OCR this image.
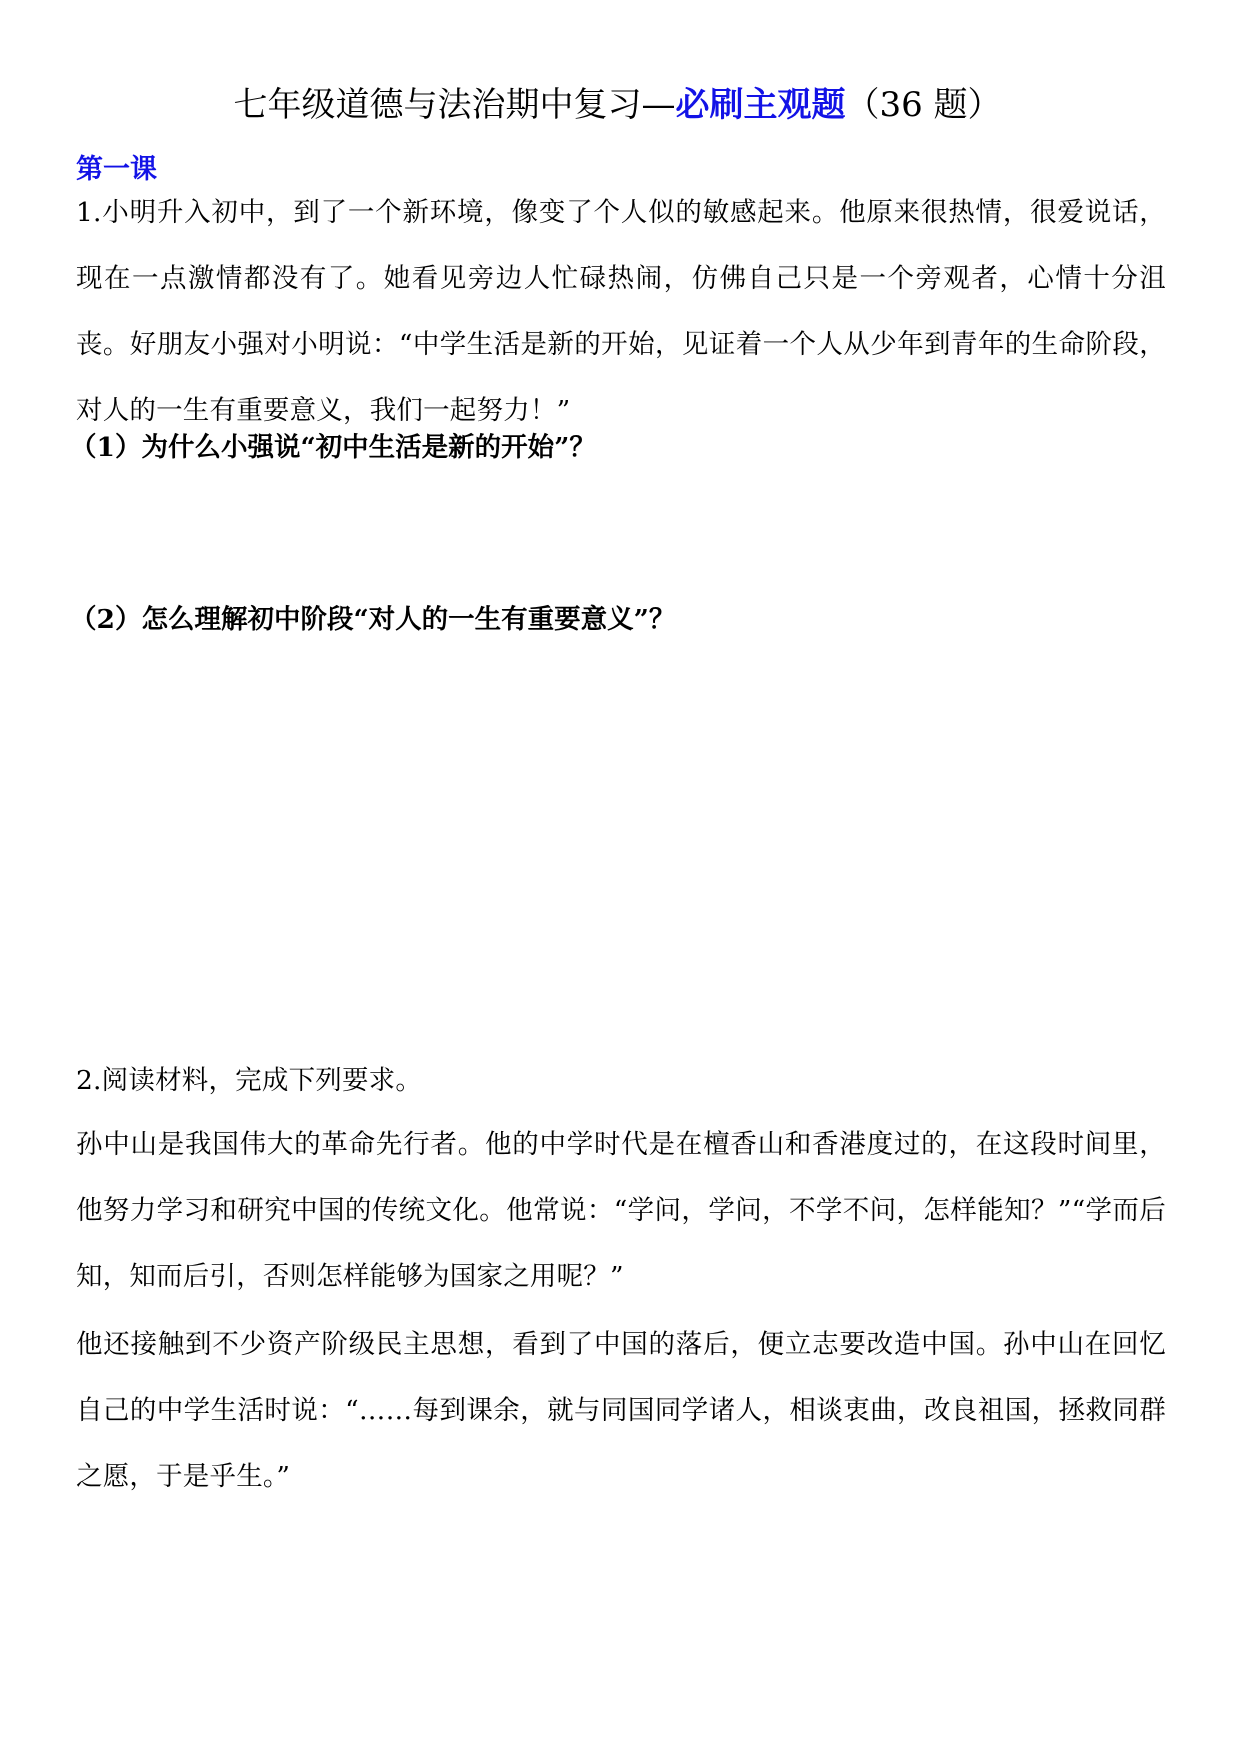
七年级道德与法治期中复习—必刷主观题（36 题）
第一课
1.小明升入初中，到了一个新环境，像变了个人似的敏感起来。他原来很热情，很爱说话，现在一点激情都没有了。她看见旁边人忙碌热闹，仿佛自己只是一个旁观者，心情十分沮丧。好朋友小强对小明说：“中学生活是新的开始，见证着一个人从少年到青年的生命阶段，对人的一生有重要意义，我们一起努力！”
（1）为什么小强说“初中生活是新的开始”？
（2）怎么理解初中阶段“对人的一生有重要意义”？
2.阅读材料，完成下列要求。
孙中山是我国伟大的革命先行者。他的中学时代是在檀香山和香港度过的，在这段时间里，他努力学习和研究中国的传统文化。他常说：“学问，学问，不学不问，怎样能知？”“学而后知，知而后引，否则怎样能够为国家之用呢？”
他还接触到不少资产阶级民主思想，看到了中国的落后，便立志要改造中国。孙中山在回忆自己的中学生活时说：“……每到课余，就与同国同学诸人，相谈衷曲，改良祖国，拯救同群之愿，于是乎生。”
